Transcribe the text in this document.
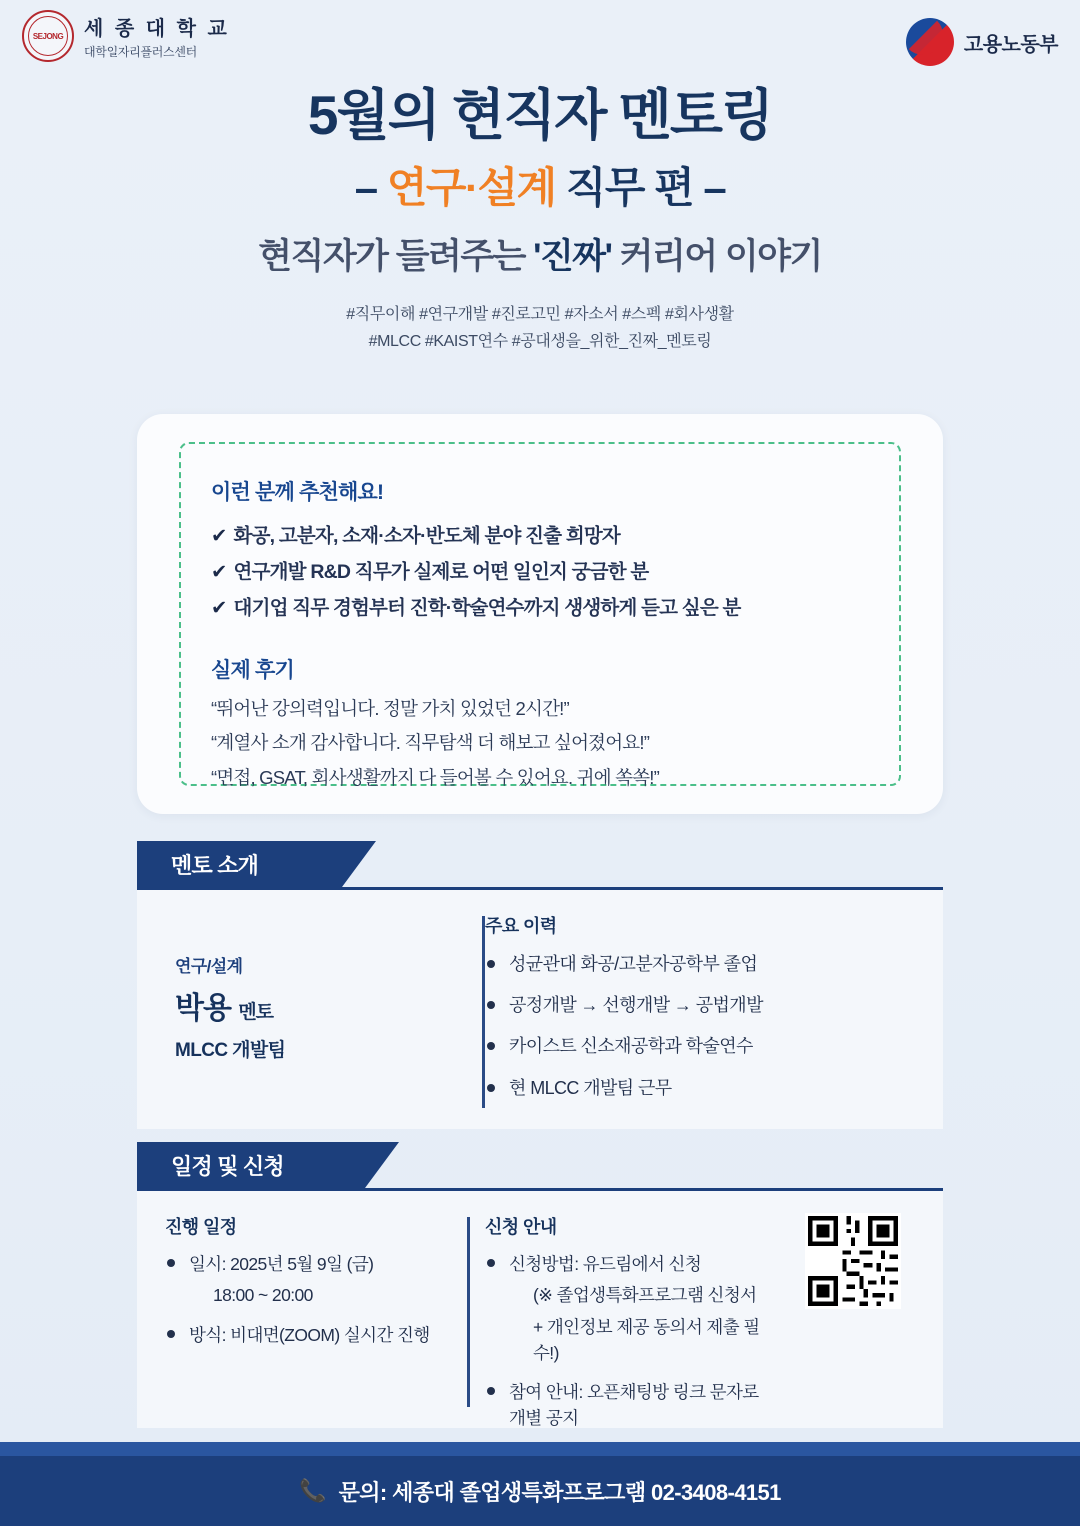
SEJONG 세 종 대 학 교
대학일자리플러스센터	고용노동부
5월의 현직자 멘토링
– 연구·설계 직무 편 –
현직자가 들려주는 '진짜' 커리어 이야기
#직무이해 #연구개발 #진로고민 #자소서 #스펙 #회사생활
#MLCC #KAIST연수 #공대생을_위한_진짜_멘토링
이런 분께 추천해요!
✔ 화공, 고분자, 소재·소자·반도체 분야 진출 희망자
✔ 연구개발 R&D 직무가 실제로 어떤 일인지 궁금한 분
✔ 대기업 직무 경험부터 진학·학술연수까지 생생하게 듣고 싶은 분
실제 후기
“뛰어난 강의력입니다. 정말 가치 있었던 2시간!”
“계열사 소개 감사합니다. 직무탐색 더 해보고 싶어졌어요!”
“면접, GSAT, 회사생활까지 다 들어볼 수 있어요. 귀에 쏙쏙!”
멘토 소개
연구/설계
박용 멘토
MLCC 개발팀
주요 이력
성균관대 화공/고분자공학부 졸업
공정개발 → 선행개발 → 공법개발
카이스트 신소재공학과 학술연수
현 MLCC 개발팀 근무
일정 및 신청
진행 일정
일시: 2025년 5월 9일 (금)
18:00 ~ 20:00
방식: 비대면(ZOOM) 실시간 진행
신청 안내
신청방법: 유드림에서 신청
(※ 졸업생특화프로그램 신청서
+ 개인정보 제공 동의서 제출 필수!)
참여 안내: 오픈채팅방 링크 문자로 개별 공지
📞 문의: 세종대 졸업생특화프로그램 02-3408-4151
